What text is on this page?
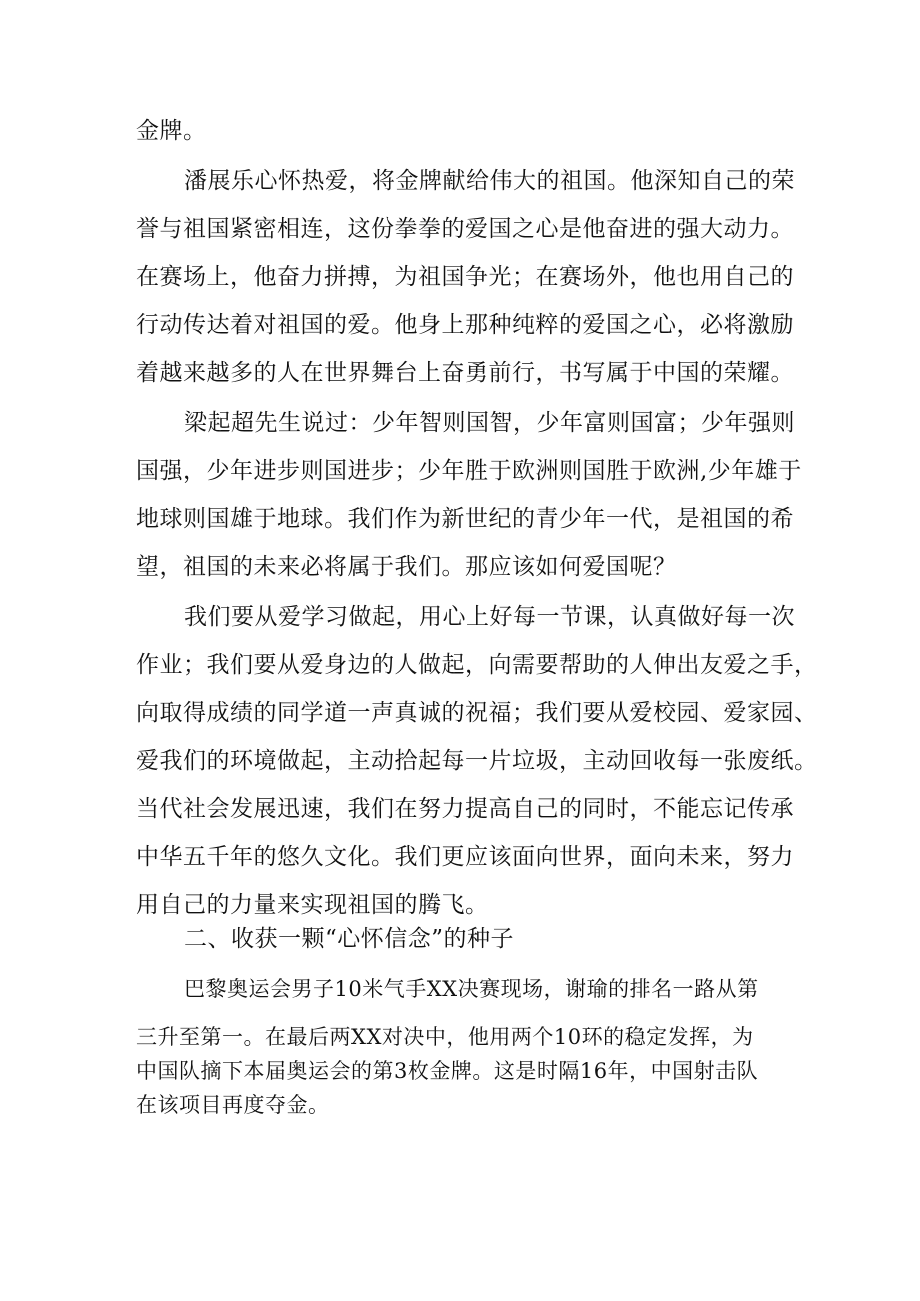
金牌。

潘展乐心怀热爱，将金牌献给伟大的祖国。他深知自己的荣

誉与祖国紧密相连，这份拳拳的爱国之心是他奋进的强大动力。

在赛场上，他奋力拼搏，为祖国争光；在赛场外，他也用自己的

行动传达着对祖国的爱。他身上那种纯粹的爱国之心，必将激励

着越来越多的人在世界舞台上奋勇前行，书写属于中国的荣耀。

梁起超先生说过：少年智则国智，少年富则国富；少年强则

国强，少年进步则国进步；少年胜于欧洲则国胜于欧洲,少年雄于

地球则国雄于地球。我们作为新世纪的青少年一代，是祖国的希

望，祖国的未来必将属于我们。那应该如何爱国呢？

我们要从爱学习做起，用心上好每一节课，认真做好每一次

作业；我们要从爱身边的人做起，向需要帮助的人伸出友爱之手，

向取得成绩的同学道一声真诚的祝福；我们要从爱校园、爱家园、

爱我们的环境做起，主动拾起每一片垃圾，主动回收每一张废纸。

当代社会发展迅速，我们在努力提高自己的同时，不能忘记传承

中华五千年的悠久文化。我们更应该面向世界，面向未来，努力

用自己的力量来实现祖国的腾飞。

二、收获一颗“心怀信念”的种子

巴黎奥运会男子10米气手XX决赛现场，谢瑜的排名一路从第

三升至第一。在最后两XX对决中，他用两个10环的稳定发挥，为

中国队摘下本届奥运会的第3枚金牌。这是时隔16年，中国射击队

在该项目再度夺金。
